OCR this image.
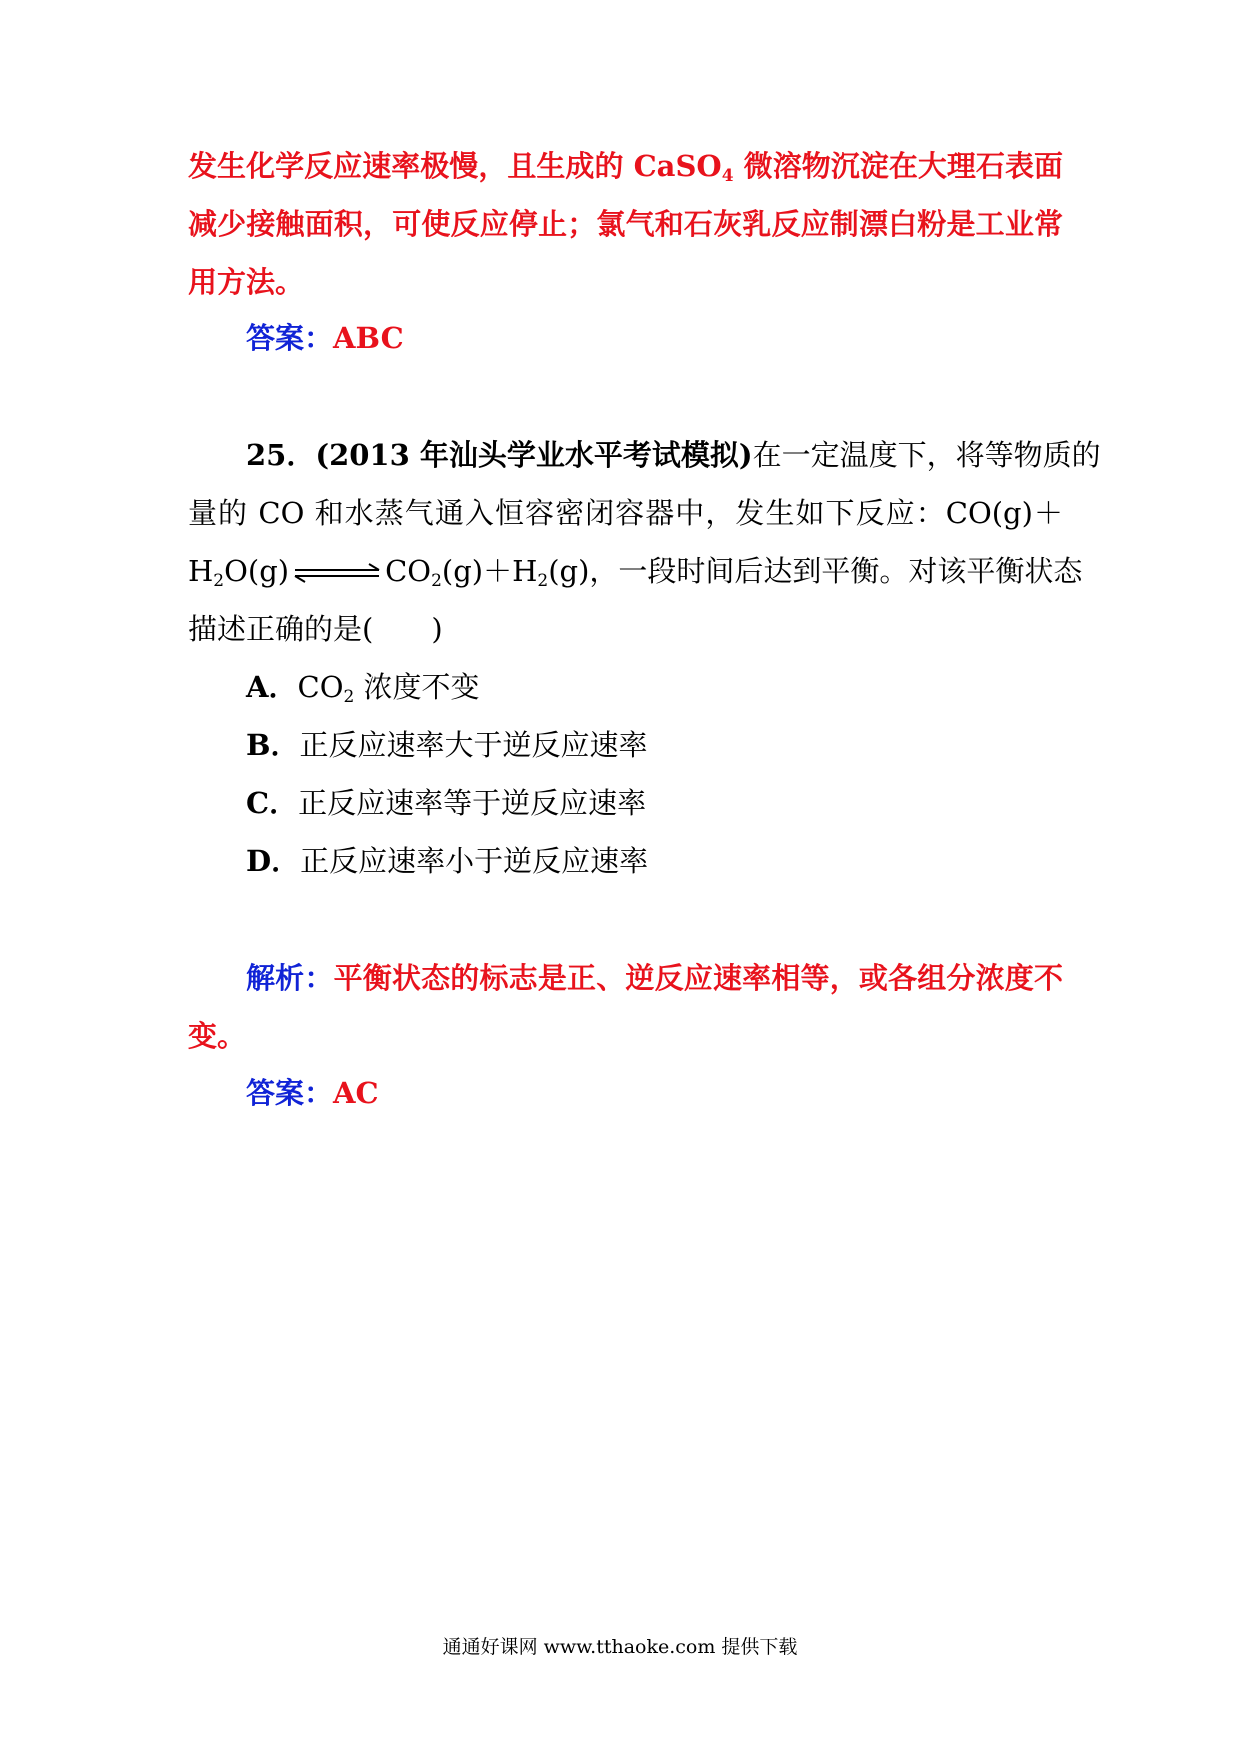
发生化学反应速率极慢，且生成的 CaSO$_4$ 微溶物沉淀在大理石表面
减少接触面积，可使反应停止；氯气和石灰乳反应制漂白粉是工业常
用方法。
答案：ABC
25．(2013 年汕头学业水平考试模拟)在一定温度下，将等物质的
量的 CO 和水蒸气通入恒容密闭容器中，发生如下反应：CO(g)＋
$H_2O(g)$ ⇌ $CO_2(g)+H_2(g)$，一段时间后达到平衡。对该平衡状态
描述正确的是(　　)
A．$CO_2$ 浓度不变
B．正反应速率大于逆反应速率
C．正反应速率等于逆反应速率
D．正反应速率小于逆反应速率
解析：平衡状态的标志是正、逆反应速率相等，或各组分浓度不
变。
答案：AC
通通好课网 www.tthaoke.com 提供下载
